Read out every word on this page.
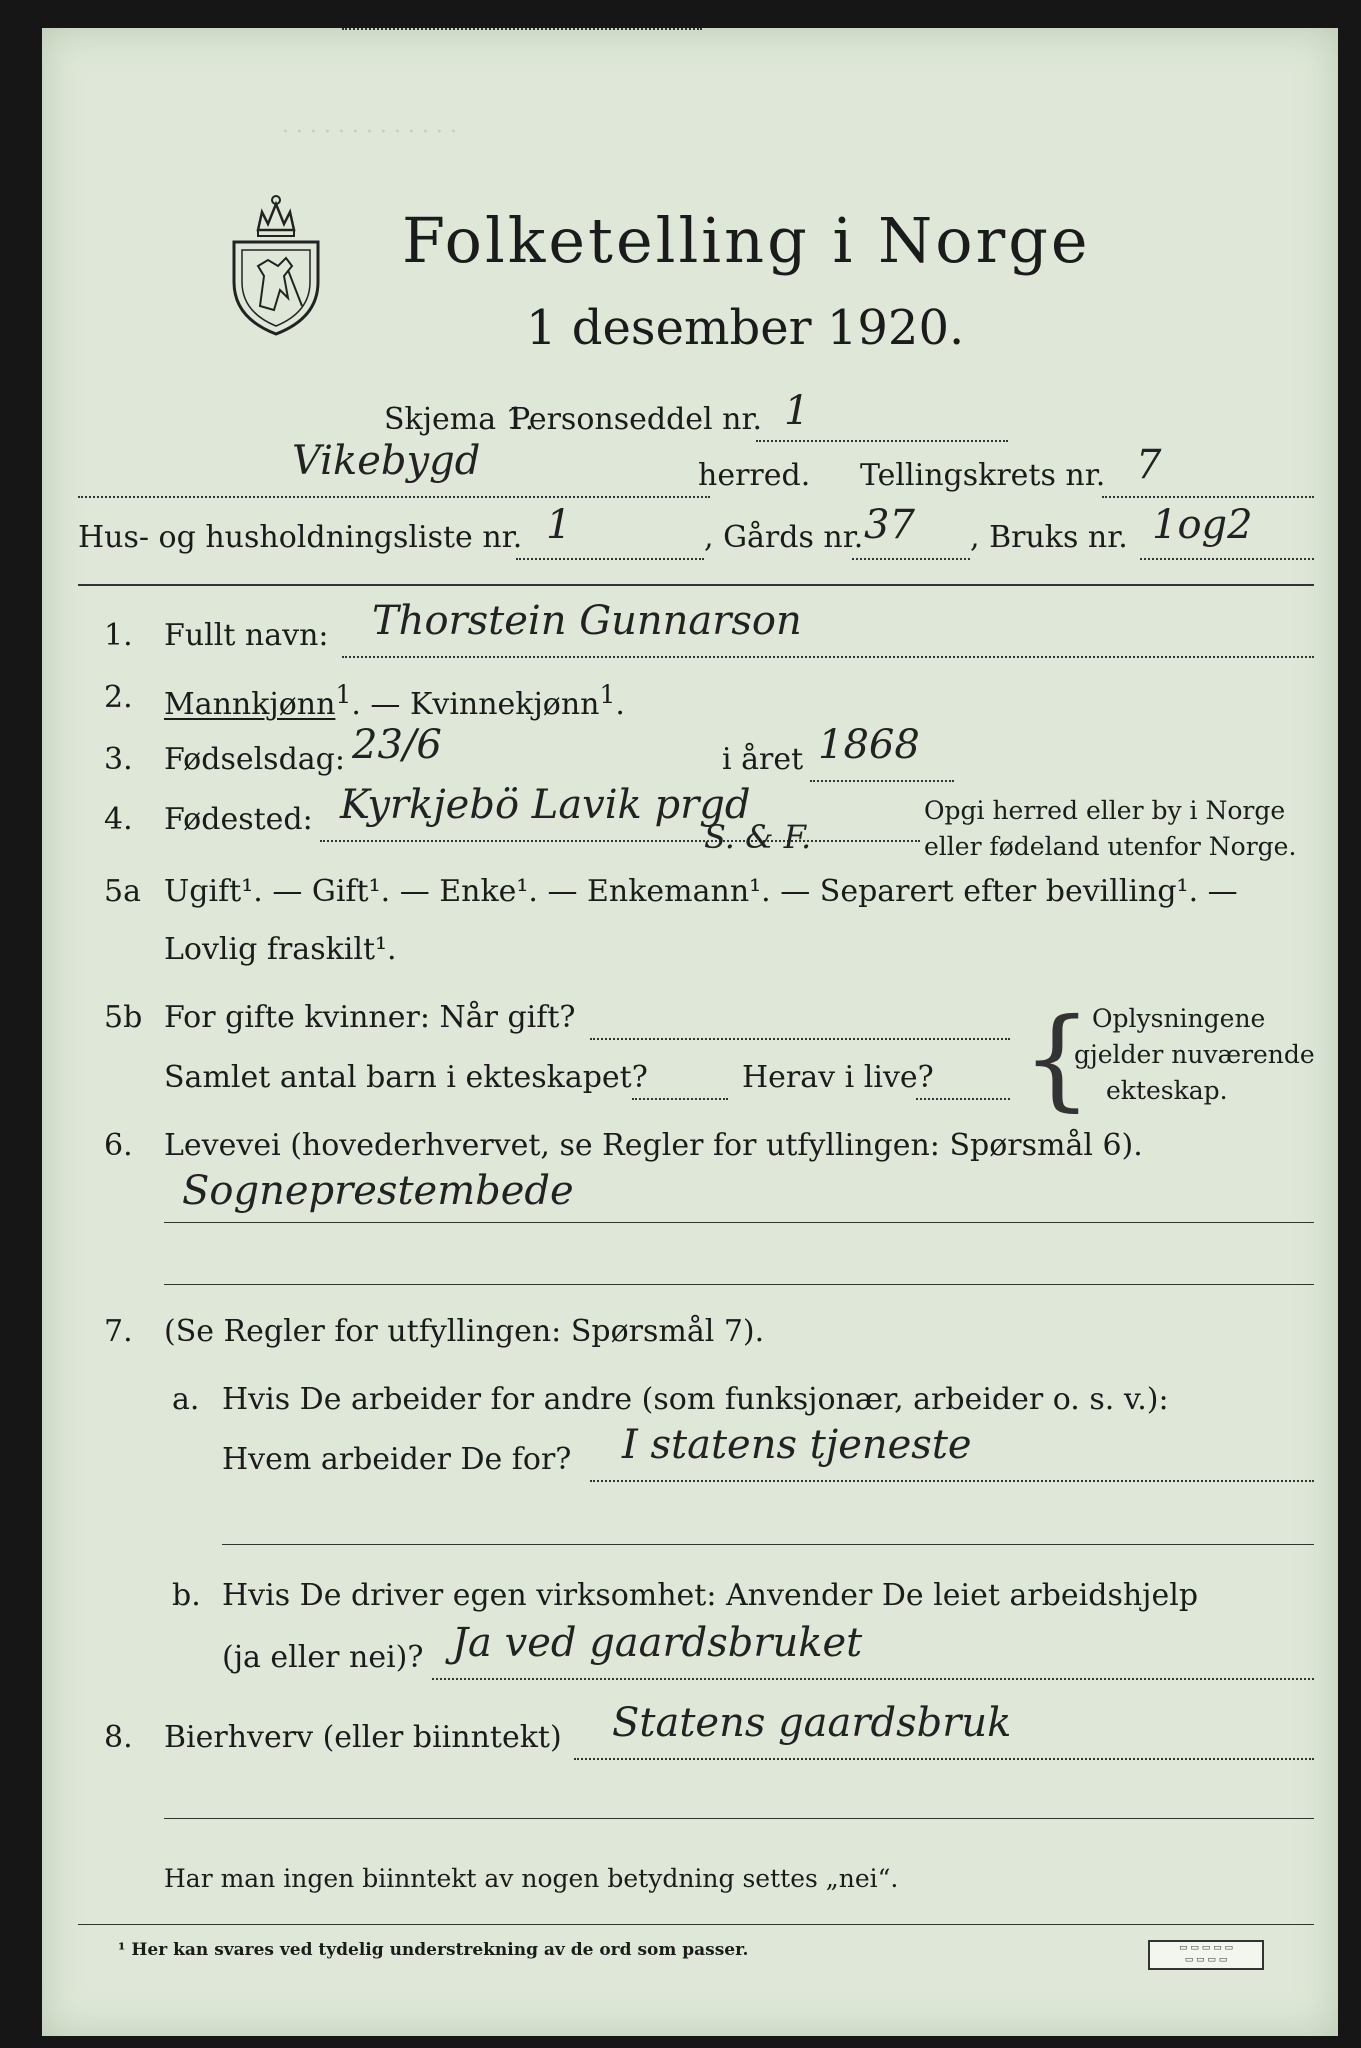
· · · · · · · · · · · · ·
Folketelling i Norge
1 desember 1920.
Skjema 1.
Personseddel nr. 1
Vikebygd	herred. Tellingskrets nr. 7
Hus- og husholdningsliste nr. 1	, Gårds nr. 37 , Bruks nr. 1og2
1. Fullt navn: Thorstein Gunnarson
2. Mannkjønn$^1$. — Kvinnekjønn$^1$.
3. Fødselsdag: 23/6	i året 1868
4. Fødested: Kyrkjebö Lavik prgd
S. & F.
Opgi herred eller by i Norge
eller fødeland utenfor Norge.
5a Ugift¹. — Gift¹. — Enke¹. — Enkemann¹. — Separert efter bevilling¹. —
Lovlig fraskilt¹.
5b For gifte kvinner: Når gift?
Samlet antal barn i ekteskapet?	Herav i live? { Oplysningene
gjelder nuværende
ekteskap.
6. Levevei (hovederhvervet, se Regler for utfyllingen: Spørsmål 6).
Sogneprestembede
7. (Se Regler for utfyllingen: Spørsmål 7).
a. Hvis De arbeider for andre (som funksjonær, arbeider o. s. v.):
Hvem arbeider De for? I statens tjeneste
b. Hvis De driver egen virksomhet: Anvender De leiet arbeidshjelp
(ja eller nei)? Ja ved gaardsbruket
8. Bierhverv (eller biinntekt) Statens gaardsbruk
Har man ingen biinntekt av nogen betydning settes „nei“.
¹ Her kan svares ved tydelig understrekning av de ord som passer.	▭ ▭ ▭ ▭ ▭
▭ ▭ ▭ ▭
